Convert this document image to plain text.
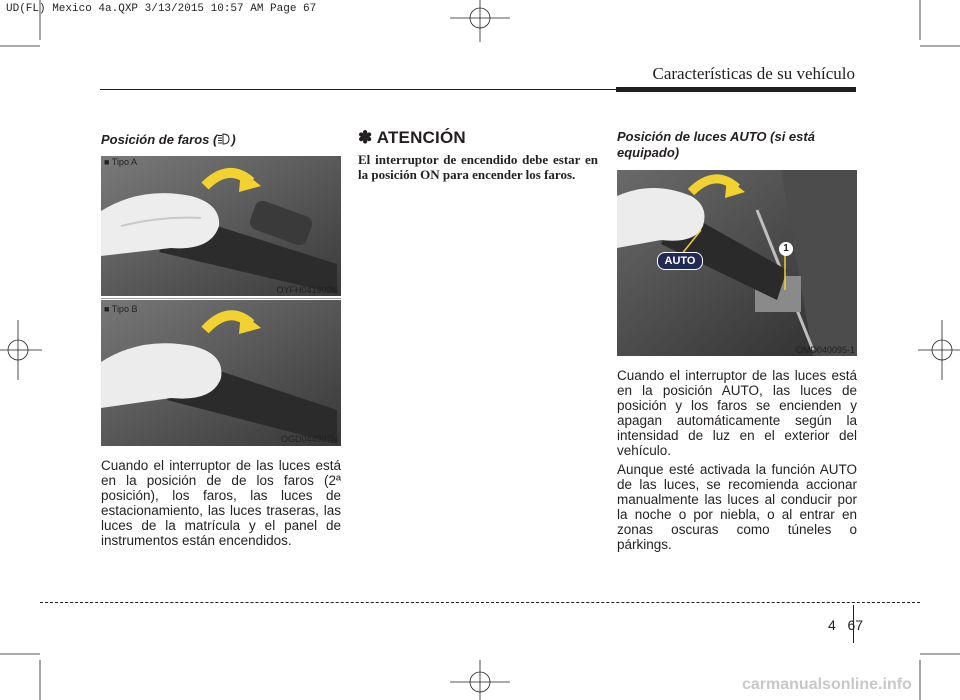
UD(FL) Mexico 4a.QXP 3/13/2015 10:57 AM Page 67
Características de su vehículo
Posición de faros ( )
■ Tipo A
OYFH041902N
■ Tipo B
OGD044907N
Cuando el interruptor de las luces está en la posición de de los faros (2ª posición), los faros, las luces de estacionamiento, las luces traseras, las luces de la matrícula y el panel de instrumentos están encendidos.
✽ ATENCIÓN
El interruptor de encendido debe estar en la posición ON para encender los faros.
Posición de luces AUTO (si está equipado)
AUTO
1
OMD040095-1
Cuando el interruptor de las luces está en la posición AUTO, las luces de posición y los faros se encienden y apagan automáticamente según la intensidad de luz en el exterior del vehículo.
Aunque esté activada la función AUTO de las luces, se recomienda accionar manualmente las luces al conducir por la noche o por niebla, o al entrar en zonas oscuras como túneles o párkings.
4 67
carmanualsonline.info
